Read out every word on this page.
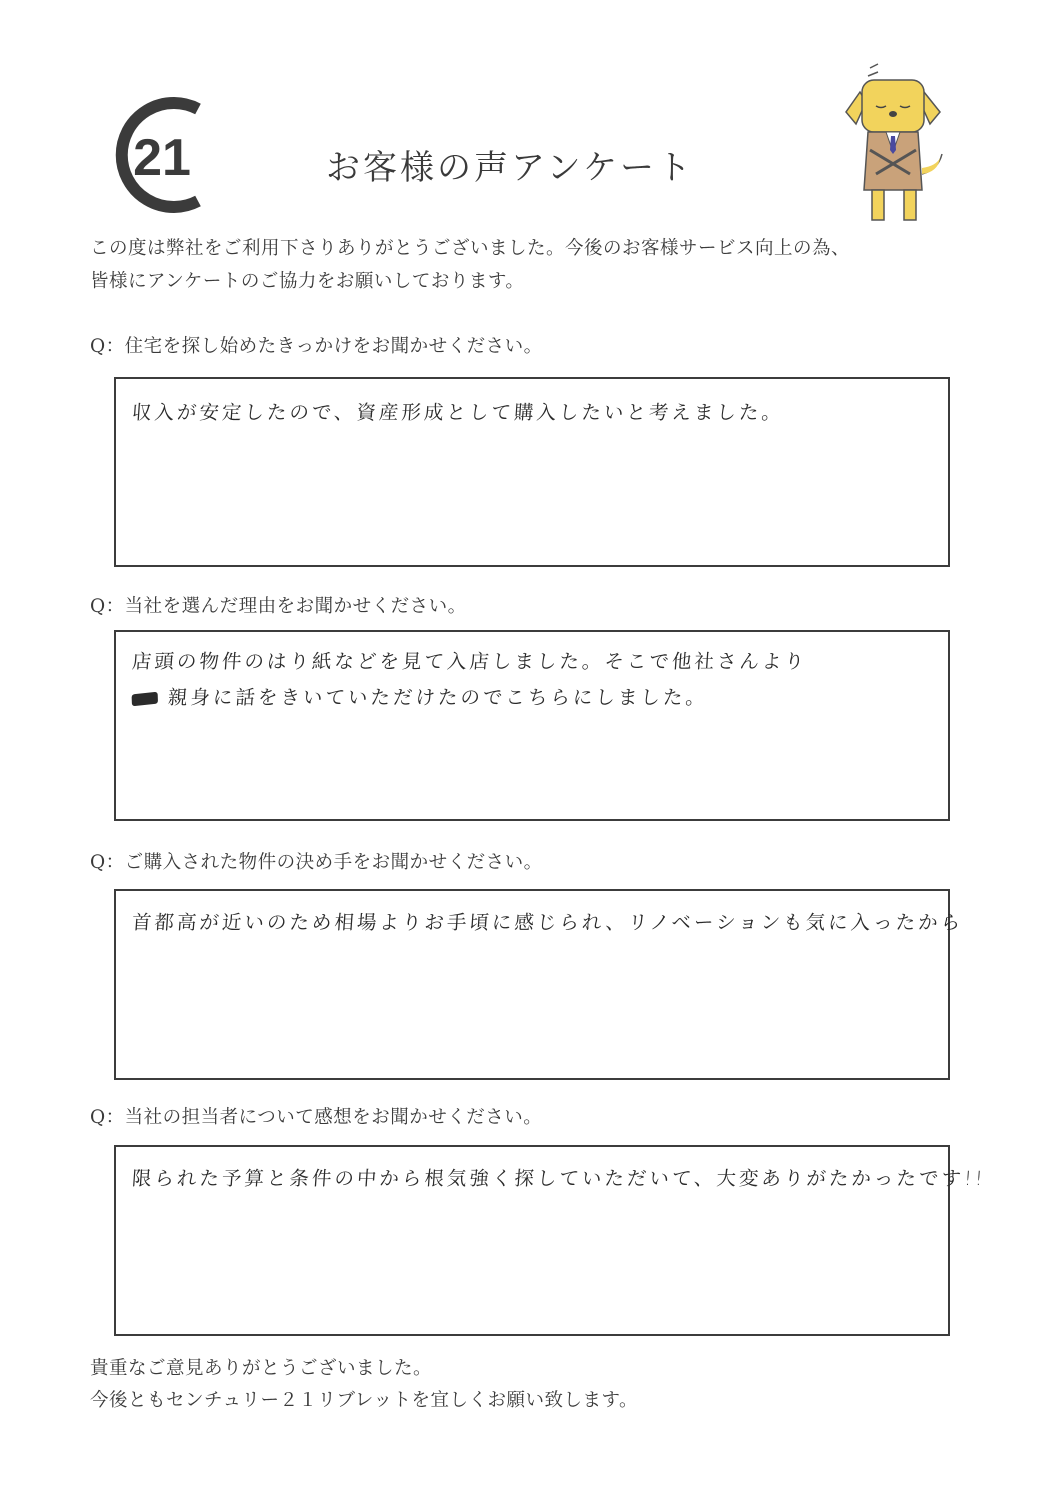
21	お客様の声アンケート
この度は弊社をご利用下さりありがとうございました。今後のお客様サービス向上の為、
皆様にアンケートのご協力をお願いしております。
Q：住宅を探し始めたきっかけをお聞かせください。
収入が安定したので、資産形成として購入したいと考えました。
Q：当社を選んだ理由をお聞かせください。
店頭の物件のはり紙などを見て入店しました。そこで他社さんより
親身に話をきいていただけたのでこちらにしました。
Q：ご購入された物件の決め手をお聞かせください。
首都高が近いのため相場よりお手頃に感じられ、リノベーションも気に入ったから
Q：当社の担当者について感想をお聞かせください。
限られた予算と条件の中から根気強く探していただいて、大変ありがたかったです!!
貴重なご意見ありがとうございました。
今後ともセンチュリー２１リブレットを宜しくお願い致します。
